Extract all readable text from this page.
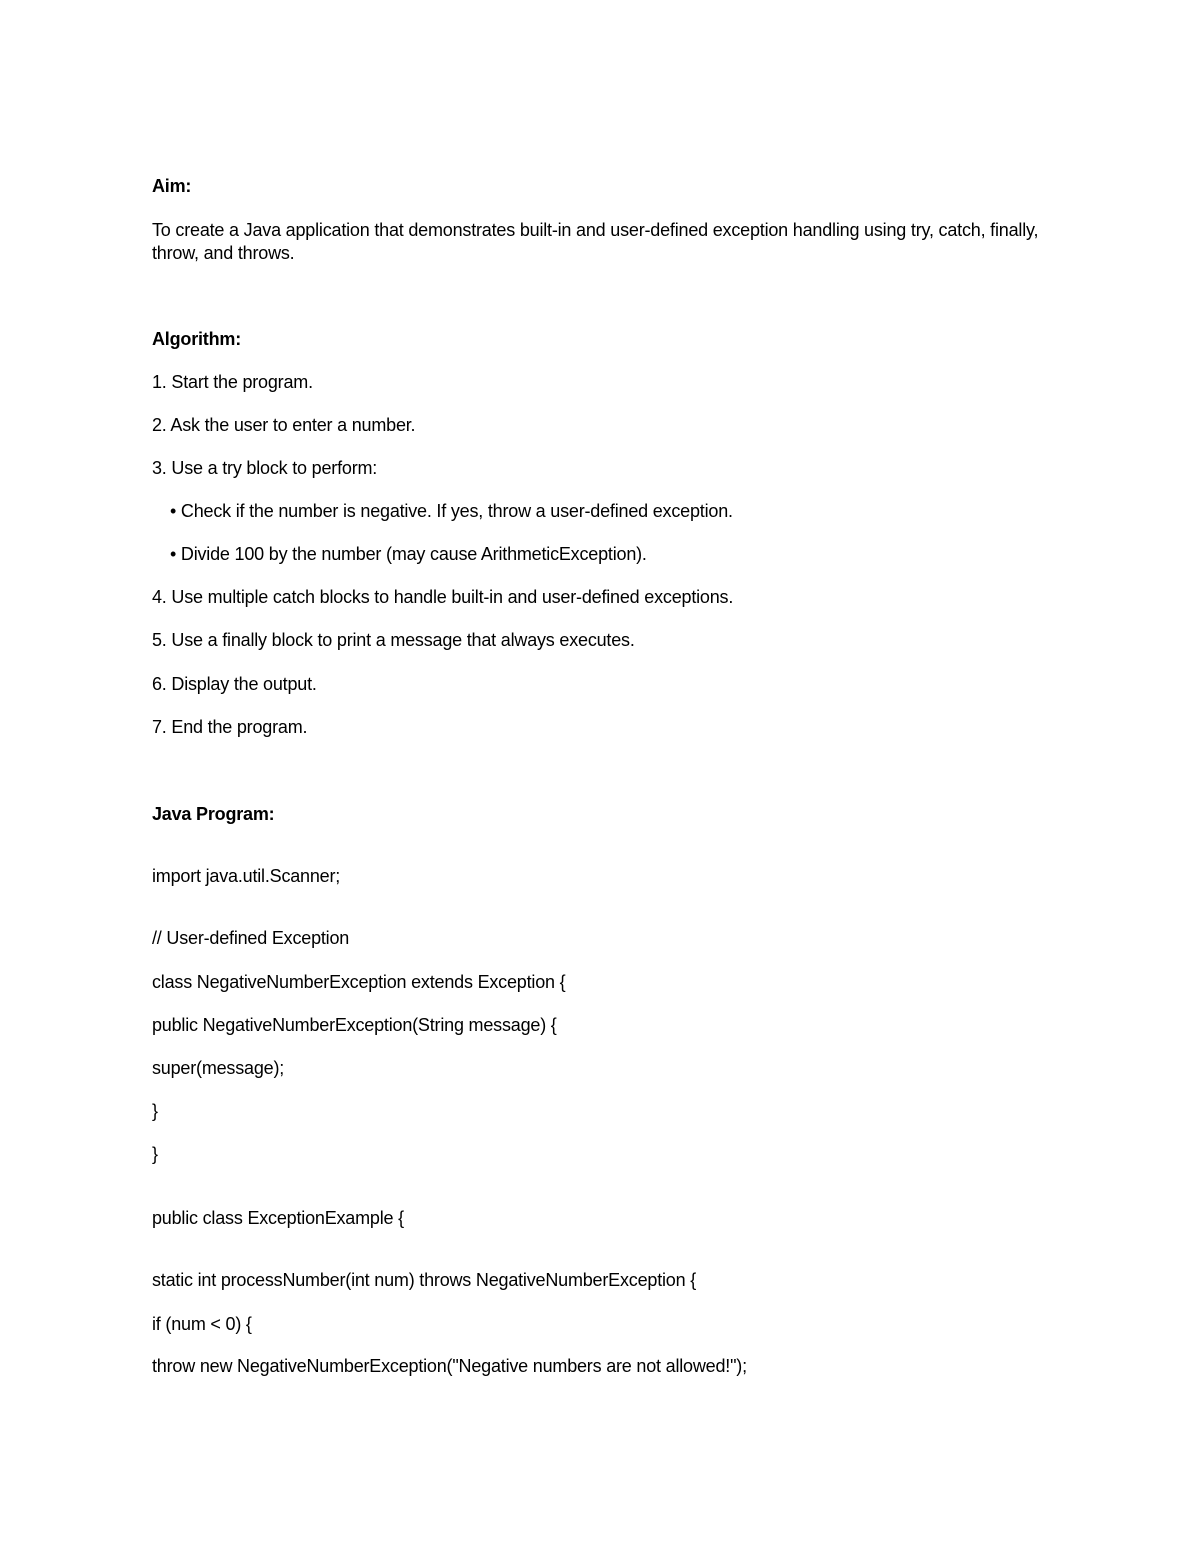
Aim:
To create a Java application that demonstrates built-in and user-defined exception handling using try, catch, finally, throw, and throws.
Algorithm:
1. Start the program.
2. Ask the user to enter a number.
3. Use a try block to perform:
• Check if the number is negative. If yes, throw a user-defined exception.
• Divide 100 by the number (may cause ArithmeticException).
4. Use multiple catch blocks to handle built-in and user-defined exceptions.
5. Use a finally block to print a message that always executes.
6. Display the output.
7. End the program.
Java Program:
import java.util.Scanner;
// User-defined Exception
class NegativeNumberException extends Exception {
public NegativeNumberException(String message) {
super(message);
}
}
public class ExceptionExample {
static int processNumber(int num) throws NegativeNumberException {
if (num < 0) {
throw new NegativeNumberException("Negative numbers are not allowed!");
